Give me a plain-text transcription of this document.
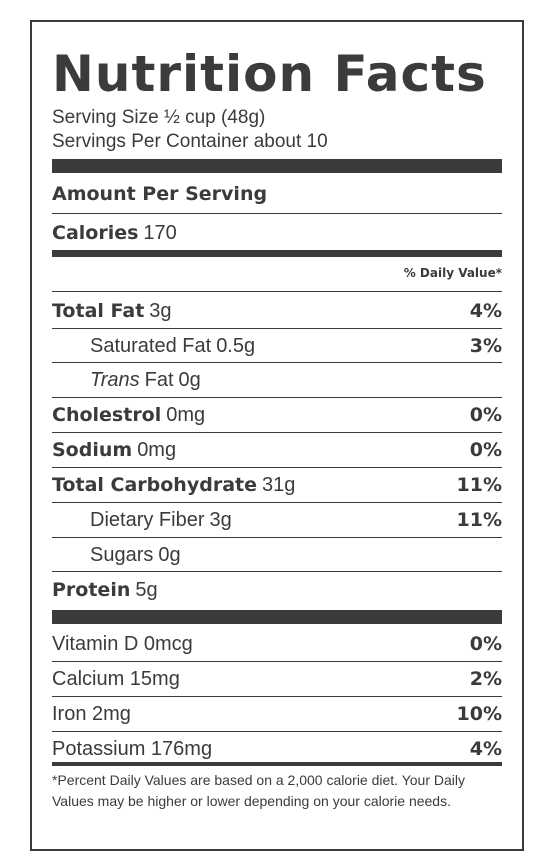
Nutrition Facts
Serving Size ½ cup (48g)
Servings Per Container about 10
Amount Per Serving
Calories 170
% Daily Value*
Total Fat 3g	4%
Saturated Fat 0.5g	3%
Trans Fat 0g
Cholestrol 0mg	0%
Sodium 0mg	0%
Total Carbohydrate 31g	11%
Dietary Fiber 3g	11%
Sugars 0g
Protein 5g
Vitamin D 0mcg	0%
Calcium 15mg	2%
Iron 2mg	10%
Potassium 176mg	4%
*Percent Daily Values are based on a 2,000 calorie diet. Your Daily Values may be higher or lower depending on your calorie needs.
